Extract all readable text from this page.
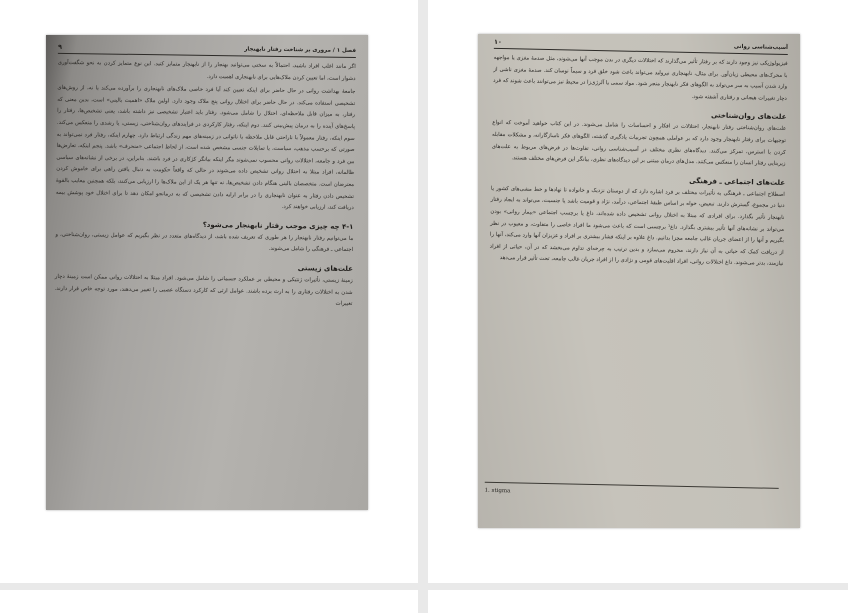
فصل ۱ / مروری بر شناخت رفتار نابهنجار
۹

اگر مانند اغلب افراد باشید، احتمالاً به سختی می‌توانید بهنجار را از نابهنجار متمایز کنید. این نوع متمایز کردن به نحو شگفت‌آوری دشوار است، اما تعیین کردن ملاک‌هایی برای نابهنجاری اهمیت دارد.

جامعهٔ بهداشت روانی در حال حاضر برای اینکه تعیین کند آیا فرد خاصی ملاک‌های نابهنجاری را برآورده می‌کند یا نه، از روش‌های تشخیصی استفاده می‌کند. در حال حاضر برای اختلال روانی پنج ملاک وجود دارد. اولین ملاک «اهمیت بالینی» است، بدین معنی که رفتار، به میزان قابل ملاحظه‌ای، اختلال را شامل می‌شود. رفتار باید اعتبار تشخیصی نیز داشته باشد، یعنی تشخیص‌ها، رفتار را پاسخ‌های آینده را به درمان پیش‌بینی کنند. دوم اینکه، رفتار کارکردی در فرایندهای روان‌شناختی، زیستی، یا رشدی را منعکس می‌کند. سوم اینکه، رفتار معمولاً با ناراحتی قابل ملاحظه یا ناتوانی در زمینه‌های مهم زندگی ارتباط دارد. چهارم اینکه، رفتار فرد نمی‌تواند به صورتی که برحسب مذهب، سیاست، یا تمایلات جنسی مشخص شده است، از لحاظ اجتماعی «منحرف» باشد. پنجم اینکه، تعارض‌ها بین فرد و جامعه، اختلالات روانی محسوب نمی‌شوند مگر اینکه بیانگر کژکاری در فرد باشند. بنابراین، در برخی از نشانه‌های سیاسی ظالمانه، افراد مبتلا به اختلال روانی تشخیص داده می‌شوند در حالی که واقعاً حکومت به دنبال یافتن راهی برای خاموش کردن معترضان است. متخصصان بالینی هنگام دادن تشخیص‌ها، نه تنها هر یک از این ملاک‌ها را ارزیابی می‌کنند، بلکه همچنین معایب بالقوهٔ تشخیص دادن رفتار به عنوان نابهنجاری را در برابر ارایه دادن تشخیصی که به درمانجو امکان دهد تا برای اختلال خود پوشش بیمه دریافت کند، ارزیابی خواهند کرد.

۴-۱ چه چیزی موجب رفتار نابهنجار می‌شود؟

ما می‌توانیم رفتار نابهنجار را هر طوری که تعریف شده باشد، از دیدگاه‌های متعدد در نظر بگیریم که عوامل زیستی، روان‌شناختی، و اجتماعی ـ فرهنگی را شامل می‌شوند.

علت‌های زیستی

زمینهٔ زیستی، تأثیرات ژنتیکی و محیطی بر عملکرد جسمانی را شامل می‌شود. افراد مبتلا به اختلالات روانی ممکن است زمینهٔ دچار شدن به اختلالات رفتاری را به ارث برده باشند. عوامل ارثی که کارکرد دستگاه عصبی را تغییر می‌دهند، مورد توجه خاص قرار دارند. تغییرات

آسیب‌شناسی روانی
۱۰

فیزیولوژیکی نیز وجود دارند که بر رفتار تأثیر می‌گذارند که اختلالات دیگری در بدن موجب آنها می‌شوند، مثل صدمهٔ مغزی یا مواجهه با محرک‌های محیطی زیان‌آور. برای مثال، نابهنجاری نیرولید می‌تواند باعث شود خلق فرد و سیماً نوسان کند. صدمهٔ مغزی ناشی از وارد شدن آسیب به سر می‌تواند به الگوهای فکر نابهنجار منجر شود. مواد سمی یا آلرژی‌زا در محیط نیز می‌توانند باعث شوند که فرد دچار تغییرات هیجانی و رفتاری آشفته شود.

علت‌های روان‌شناختی

علت‌های روان‌شناختی رفتار نابهنجار، اختلالات در افکار و احساسات را شامل می‌شوند. در این کتاب خواهید آموخت که انواع توجیهات برای رفتار نابهنجار وجود دارد که بر عواملی همچون تجربیات یادگیری گذشته، الگوهای فکر ناسازگارانه، و مشکلات مقابله کردن با استرس، تمرکز می‌کنند. دیدگاه‌های نظری مختلف در آسیب‌شناسی روانی، تفاوت‌ها در فرض‌های مربوط به علت‌های زیربنایی رفتار انسان را منعکس می‌کنند. مدل‌های درمان مبتنی بر این دیدگاه‌های نظری، بیانگر این فرض‌های مختلف هستند.

علت‌های اجتماعی ـ فرهنگی

اصطلاح اجتماعی ـ فرهنگی به تأثیرات مختلف بر فرد اشاره دارد که از دوستان نزدیک و خانواده تا نهادها و خط مشی‌های کشور یا دنیا در مجموع، گسترش دارند. تبعیض، خواه بر اساس طبقهٔ اجتماعی، درآمد، نژاد و قومیت باشد یا جنسیت، می‌تواند به ایجاد رفتار نابهنجار تأثیر بگذارد. برای افرادی که مبتلا به اختلال روانی تشخیص داده شده‌اند، داغ یا برچسب اجتماعی «بیمار روانی» بودن می‌تواند بر نشانه‌های آنها تأثیر بیشتری بگذارد. داغ¹ برچسبی است که باعث می‌شود ما افراد خاصی را متفاوت، و معیوب در نظر بگیریم و آنها را از اعضای جریان غالب جامعه مجزا بدانیم. داغ علاوه بر اینکه فشار بیشتری بر افراد و عزیزان آنها وارد می‌کند، آنها را از دریافت کمک که حیاتی به آن نیاز دارند، محروم می‌سازد و بدین ترتیب به چرخه‌ای تداوم می‌بخشد که در آن، حیاتی از افراد نیازمند، بدتر می‌شوند. داغ اختلالات روانی، افراد اقلیت‌های قومی و نژادی را از افراد جریان غالب جامعه، تحت تأثیر قرار می‌دهد

1. stigma
